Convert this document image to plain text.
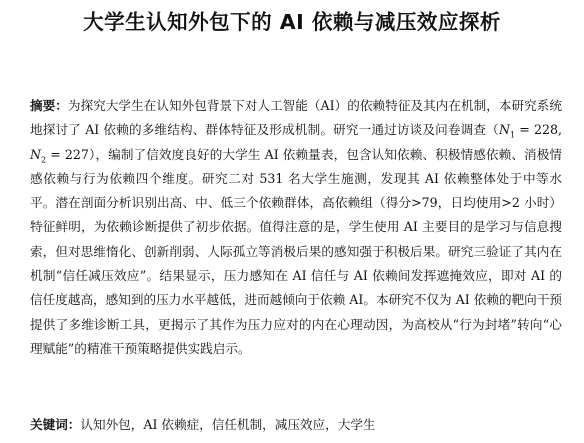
大学生认知外包下的 AI 依赖与减压效应探析

摘要：为探究大学生在认知外包背景下对人工智能（AI）的依赖特征及其内在机制，本研究系统地探讨了 AI 依赖的多维结构、群体特征及形成机制。研究一通过访谈及问卷调查（$N_1 = 228$, $N_2 = 227$），编制了信效度良好的大学生 AI 依赖量表，包含认知依赖、积极情感依赖、消极情感依赖与行为依赖四个维度。研究二对 531 名大学生施测，发现其 AI 依赖整体处于中等水平。潜在剖面分析识别出高、中、低三个依赖群体，高依赖组（得分>79，日均使用>2 小时）特征鲜明，为依赖诊断提供了初步依据。值得注意的是，学生使用 AI 主要目的是学习与信息搜索，但对思维惰化、创新削弱、人际孤立等消极后果的感知强于积极后果。研究三验证了其内在机制“信任减压效应”。结果显示，压力感知在 AI 信任与 AI 依赖间发挥遮掩效应，即对 AI 的信任度越高，感知到的压力水平越低，进而越倾向于依赖 AI。本研究不仅为 AI 依赖的靶向干预提供了多维诊断工具，更揭示了其作为压力应对的内在心理动因，为高校从“行为封堵”转向“心理赋能”的精准干预策略提供实践启示。

关键词：认知外包，AI 依赖症，信任机制，减压效应，大学生
